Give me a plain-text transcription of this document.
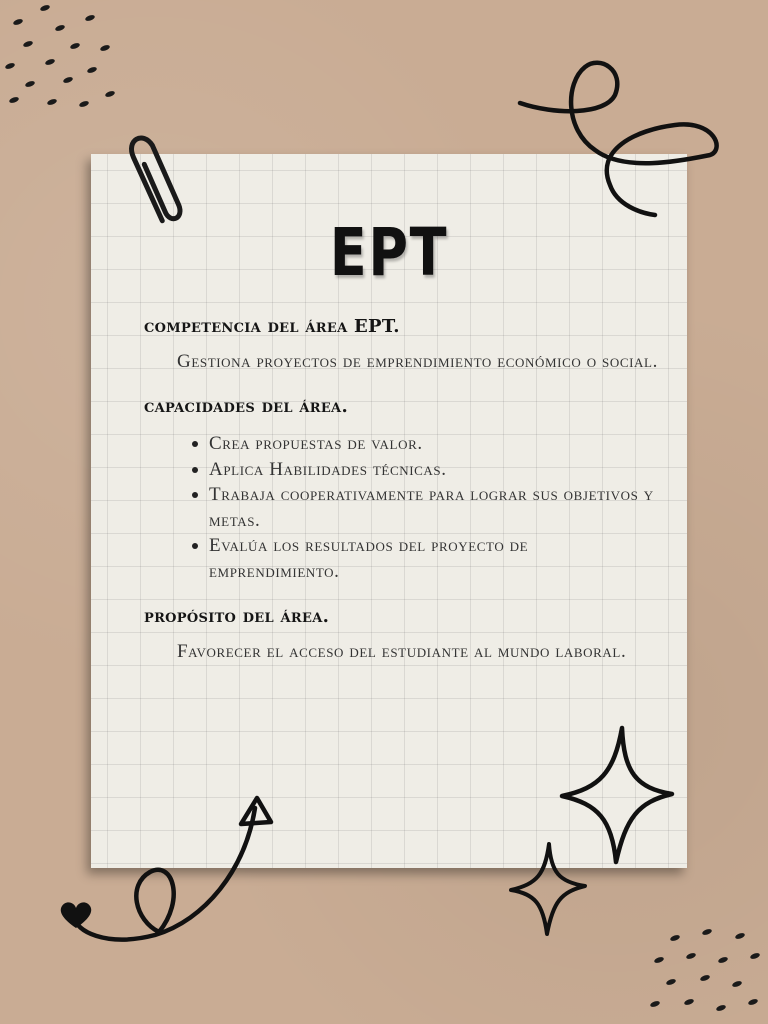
EPT
competencia del área EPT.
Gestiona proyectos de emprendimiento económico o social.
capacidades del área.
Crea propuestas de valor.
Aplica Habilidades técnicas.
Trabaja cooperativamente para lograr sus objetivos y metas.
Evalúa los resultados del proyecto de emprendimiento.
propósito del área.
Favorecer el acceso del estudiante al mundo laboral.
